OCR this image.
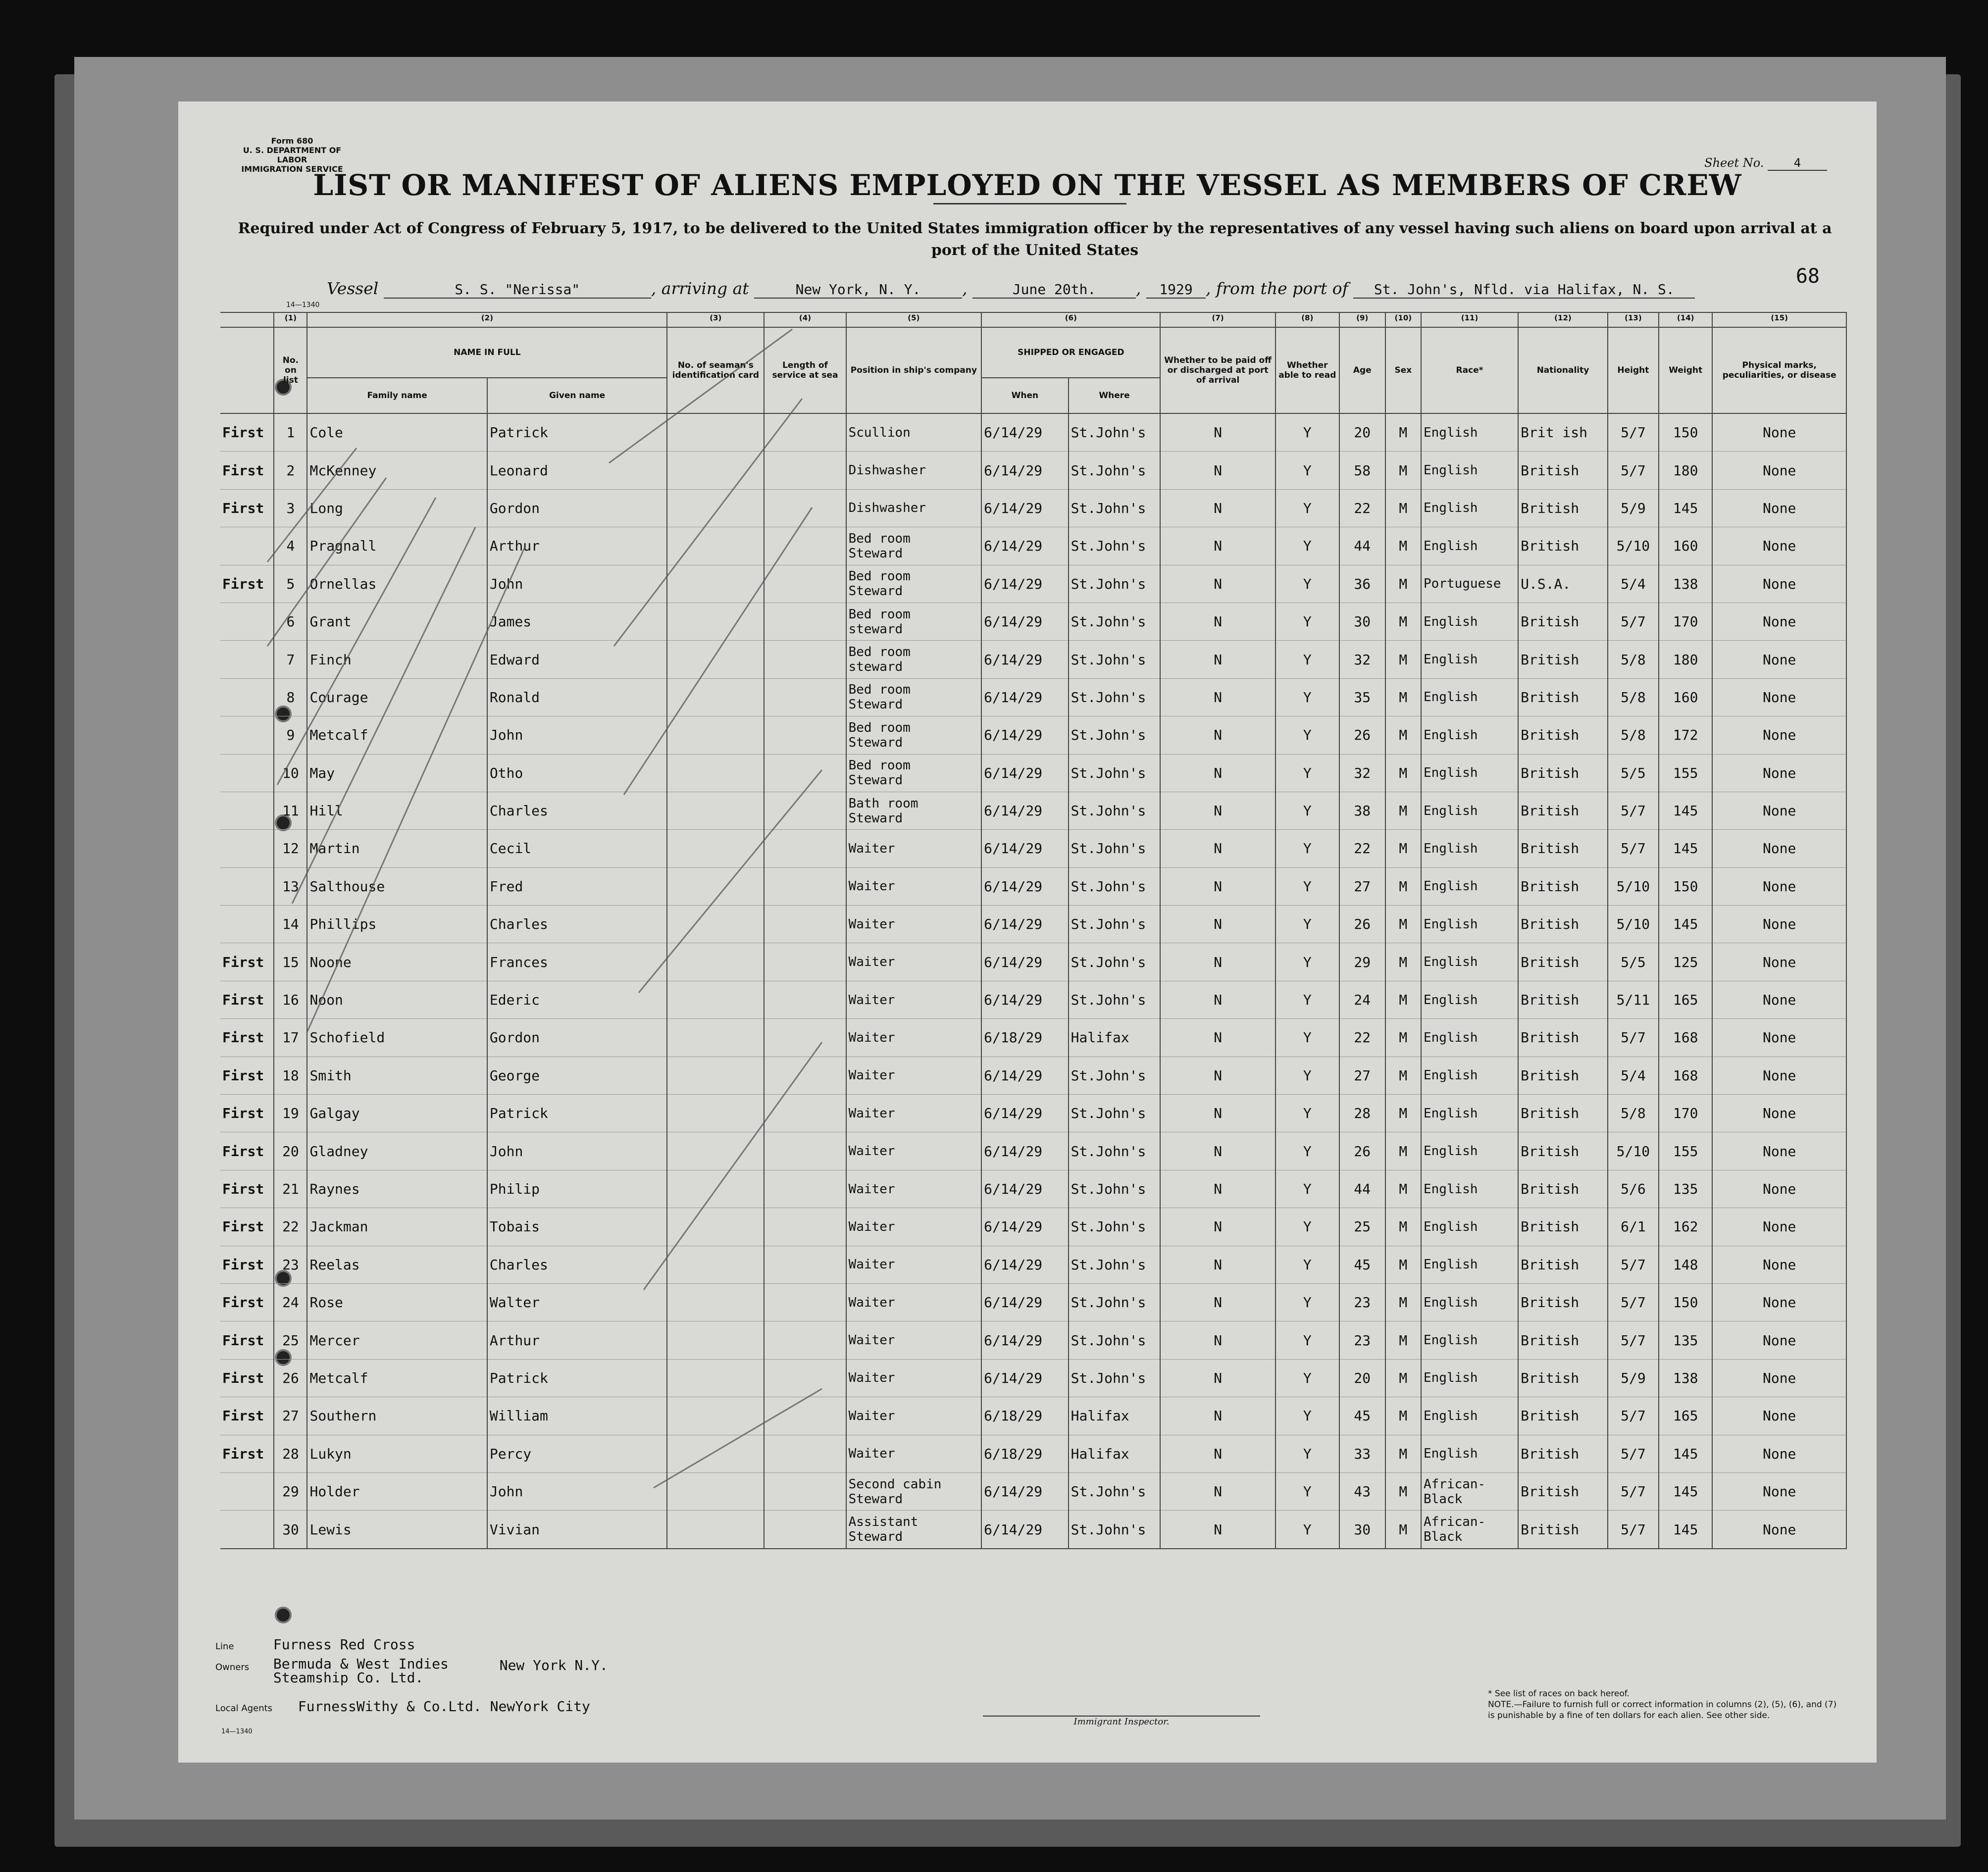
Form 680
U. S. DEPARTMENT OF LABOR
IMMIGRATION SERVICE	Sheet No.	4
LIST OR MANIFEST OF ALIENS EMPLOYED ON THE VESSEL AS MEMBERS OF CREW
Required under Act of Congress of February 5, 1917, to be delivered to the United States immigration officer by the representatives of any vessel having such aliens on board upon arrival at a port of the United States
68
Vessel	S. S. "Nerissa"	, arriving at	New York, N. Y.	,	June 20th. , 1929 , from the port of St. John's, Nfld. via Halifax, N. S.
14—1340
	(1)	(2)		(3)	(4)	(5)	(6)		(7)	(8)	(9)	(10)	(11)	(12)	(13)	(14)	(15)
	No. on list	NAME IN FULL		No. of seaman's identification card	Length of service at sea	Position in ship's company	SHIPPED OR ENGAGED		Whether to be paid off or discharged at port of arrival	Whether able to read	Age	Sex	Race*	Nationality	Height	Weight	Physical marks, peculiarities, or disease
		Family name	Given name				When	Where									
First	1	Cole	Patrick			Scullion	6/14/29	St.John's	N	Y	20	M	English	Brit ish	5/7	150	None
First	2	McKenney	Leonard			Dishwasher	6/14/29	St.John's	N	Y	58	M	English	British	5/7	180	None
First	3	Long	Gordon			Dishwasher	6/14/29	St.John's	N	Y	22	M	English	British	5/9	145	None
	4	Pragnall	Arthur			Bed room
Steward	6/14/29	St.John's	N	Y	44	M	English	British	5/10	160	None
First	5	Ornellas	John			Bed room
Steward	6/14/29	St.John's	N	Y	36	M	Portuguese	U.S.A.	5/4	138	None
	6	Grant	James			Bed room
steward	6/14/29	St.John's	N	Y	30	M	English	British	5/7	170	None
	7	Finch	Edward			Bed room
steward	6/14/29	St.John's	N	Y	32	M	English	British	5/8	180	None
	8	Courage	Ronald			Bed room
Steward	6/14/29	St.John's	N	Y	35	M	English	British	5/8	160	None
	9	Metcalf	John			Bed room
Steward	6/14/29	St.John's	N	Y	26	M	English	British	5/8	172	None
	10	May	Otho			Bed room
Steward	6/14/29	St.John's	N	Y	32	M	English	British	5/5	155	None
	11	Hill	Charles			Bath room
Steward	6/14/29	St.John's	N	Y	38	M	English	British	5/7	145	None
	12	Martin	Cecil			Waiter	6/14/29	St.John's	N	Y	22	M	English	British	5/7	145	None
	13	Salthouse	Fred			Waiter	6/14/29	St.John's	N	Y	27	M	English	British	5/10	150	None
	14	Phillips	Charles			Waiter	6/14/29	St.John's	N	Y	26	M	English	British	5/10	145	None
First	15	Noone	Frances			Waiter	6/14/29	St.John's	N	Y	29	M	English	British	5/5	125	None
First	16	Noon	Ederic			Waiter	6/14/29	St.John's	N	Y	24	M	English	British	5/11	165	None
First	17	Schofield	Gordon			Waiter	6/18/29	Halifax	N	Y	22	M	English	British	5/7	168	None
First	18	Smith	George			Waiter	6/14/29	St.John's	N	Y	27	M	English	British	5/4	168	None
First	19	Galgay	Patrick			Waiter	6/14/29	St.John's	N	Y	28	M	English	British	5/8	170	None
First	20	Gladney	John			Waiter	6/14/29	St.John's	N	Y	26	M	English	British	5/10	155	None
First	21	Raynes	Philip			Waiter	6/14/29	St.John's	N	Y	44	M	English	British	5/6	135	None
First	22	Jackman	Tobais			Waiter	6/14/29	St.John's	N	Y	25	M	English	British	6/1	162	None
First	23	Reelas	Charles			Waiter	6/14/29	St.John's	N	Y	45	M	English	British	5/7	148	None
First	24	Rose	Walter			Waiter	6/14/29	St.John's	N	Y	23	M	English	British	5/7	150	None
First	25	Mercer	Arthur			Waiter	6/14/29	St.John's	N	Y	23	M	English	British	5/7	135	None
First	26	Metcalf	Patrick			Waiter	6/14/29	St.John's	N	Y	20	M	English	British	5/9	138	None
First	27	Southern	William			Waiter	6/18/29	Halifax	N	Y	45	M	English	British	5/7	165	None
First	28	Lukyn	Percy			Waiter	6/18/29	Halifax	N	Y	33	M	English	British	5/7	145	None
	29	Holder	John			Second cabin
Steward	6/14/29	St.John's	N	Y	43	M	African-
Black	British	5/7	145	None
	30	Lewis	Vivian			Assistant
Steward	6/14/29	St.John's	N	Y	30	M	African-
Black	British	5/7	145	None
Line	Furness Red Cross
Owners Bermuda & West Indies Steamship Co. Ltd. New York N.Y.
Local Agents FurnessWithy & Co.Ltd. NewYork City
Immigrant Inspector.
* See list of races on back hereof.
NOTE.—Failure to furnish full or correct information in columns (2), (5), (6), and (7) is punishable by a fine of ten dollars for each alien. See other side.
14—1340
